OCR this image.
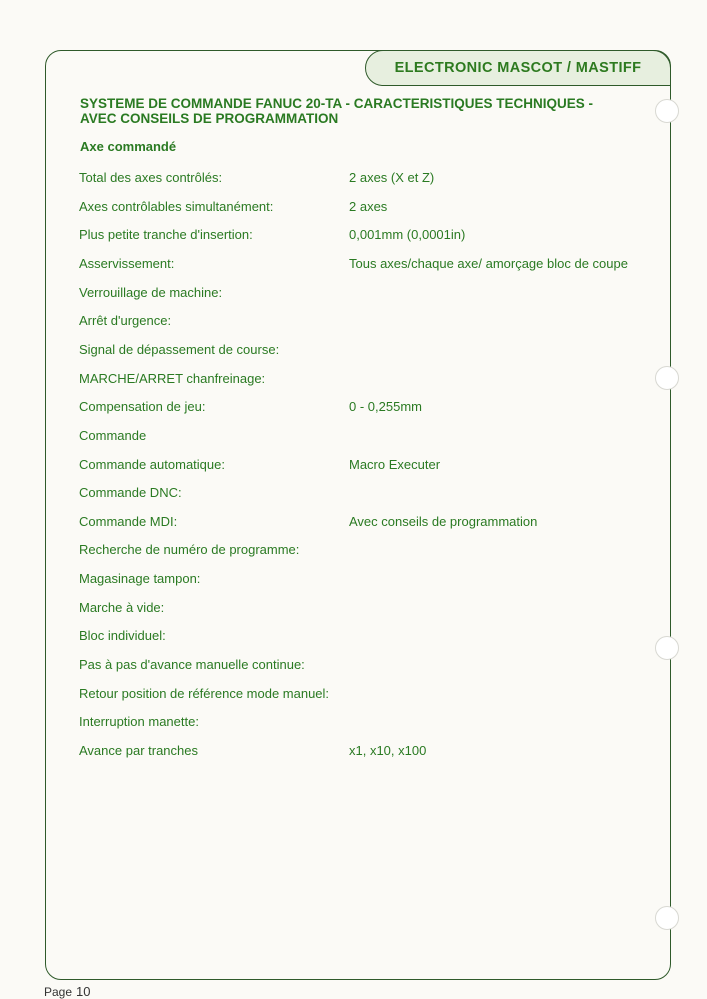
ELECTRONIC MASCOT / MASTIFF
SYSTEME DE COMMANDE FANUC 20-TA - CARACTERISTIQUES TECHNIQUES -
AVEC CONSEILS DE PROGRAMMATION
Axe commandé
Total des axes contrôlés:	2 axes (X et Z)
Axes contrôlables simultanément:	2 axes
Plus petite tranche d'insertion:	0,001mm (0,0001in)
Asservissement:	Tous axes/chaque axe/ amorçage bloc de coupe
Verrouillage de machine:
Arrêt d'urgence:
Signal de dépassement de course:
MARCHE/ARRET chanfreinage:
Compensation de jeu:	0 - 0,255mm
Commande
Commande automatique:	Macro Executer
Commande DNC:
Commande MDI:	Avec conseils de programmation
Recherche de numéro de programme:
Magasinage tampon:
Marche à vide:
Bloc individuel:
Pas à pas d'avance manuelle continue:
Retour position de référence mode manuel:
Interruption manette:
Avance par tranches	x1, x10, x100
Page 10
